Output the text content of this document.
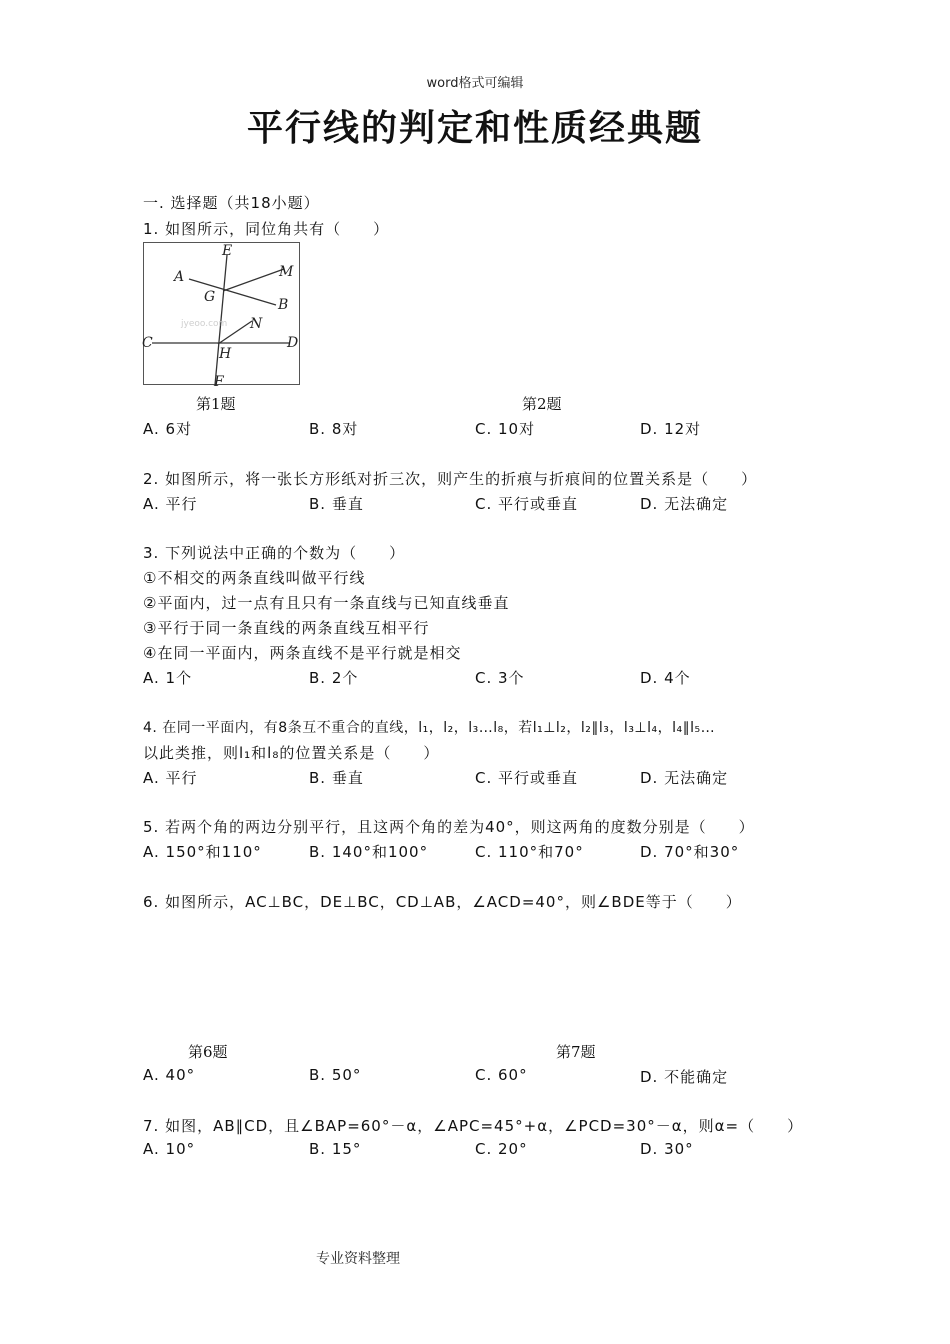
word格式可编辑
平行线的判定和性质经典题
一. 选择题（共18小题）
1. 如图所示，同位角共有（　　）
E
A	M
G	B
N
C	D
H
F
jyeoo.com
第1题	第2题
A. 6对	B. 8对	C. 10对	D. 12对
2. 如图所示，将一张长方形纸对折三次，则产生的折痕与折痕间的位置关系是（　　）
A. 平行	B. 垂直	C. 平行或垂直	D. 无法确定
3. 下列说法中正确的个数为（　　）
①不相交的两条直线叫做平行线
②平面内，过一点有且只有一条直线与已知直线垂直
③平行于同一条直线的两条直线互相平行
④在同一平面内，两条直线不是平行就是相交
A. 1个	B. 2个	C. 3个	D. 4个
4. 在同一平面内，有8条互不重合的直线，l₁，l₂，l₃…l₈，若l₁⊥l₂，l₂∥l₃，l₃⊥l₄，l₄∥l₅…
以此类推，则l₁和l₈的位置关系是（　　）
A. 平行	B. 垂直	C. 平行或垂直	D. 无法确定
5. 若两个角的两边分别平行，且这两个角的差为40°，则这两角的度数分别是（　　）
A. 150°和110°	B. 140°和100°	C. 110°和70°	D. 70°和30°
6. 如图所示，AC⊥BC，DE⊥BC，CD⊥AB，∠ACD=40°，则∠BDE等于（　　）
第6题	第7题
A. 40°	B. 50°	C. 60°	D. 不能确定
7. 如图，AB∥CD，且∠BAP=60°－α，∠APC=45°+α，∠PCD=30°－α，则α=（　　）
A. 10°	B. 15°	C. 20°	D. 30°
专业资料整理
